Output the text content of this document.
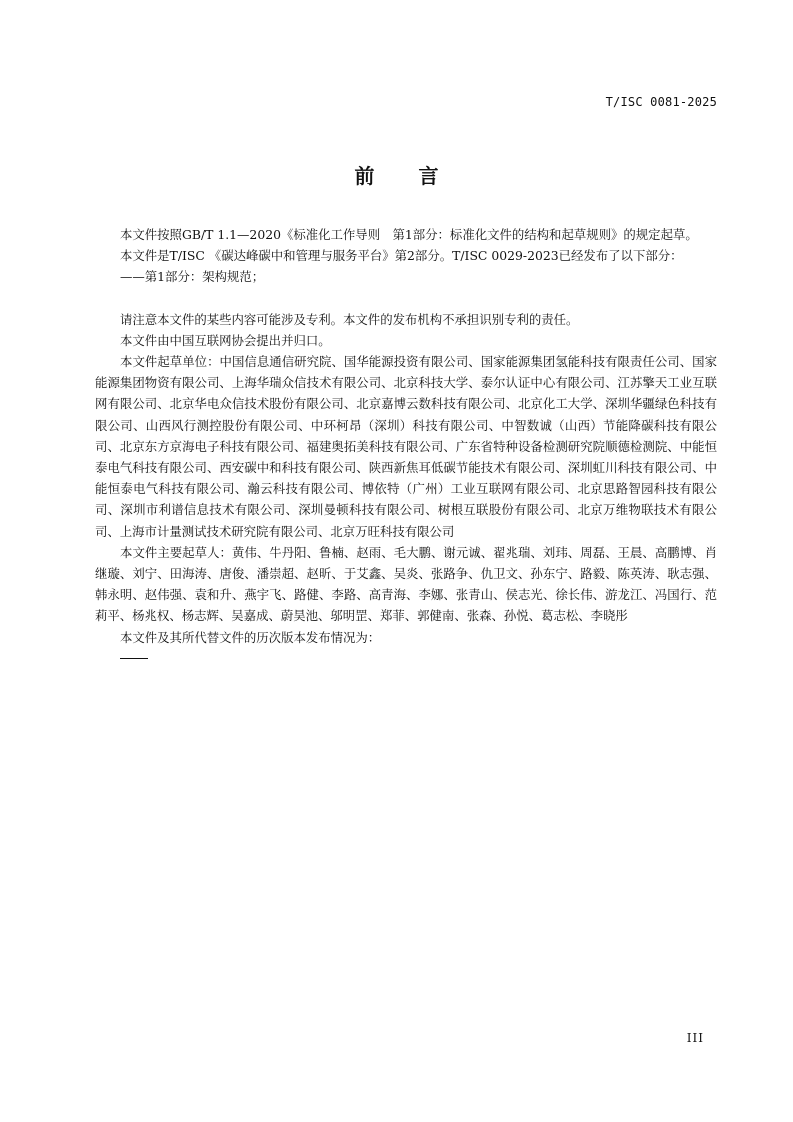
T/ISC 0081-2025
前言

本文件按照GB/T 1.1—2020《标准化工作导则　第1部分：标准化文件的结构和起草规则》的规定起草。

本文件是T/ISC 《碳达峰碳中和管理与服务平台》第2部分。T/ISC 0029-2023已经发布了以下部分：

——第1部分：架构规范；

请注意本文件的某些内容可能涉及专利。本文件的发布机构不承担识别专利的责任。

本文件由中国互联网协会提出并归口。

本文件起草单位：中国信息通信研究院、国华能源投资有限公司、国家能源集团氢能科技有限责任公司、国家能源集团物资有限公司、上海华瑞众信技术有限公司、北京科技大学、泰尔认证中心有限公司、江苏擎天工业互联网有限公司、北京华电众信技术股份有限公司、北京嘉博云数科技有限公司、北京化工大学、深圳华疆绿色科技有限公司、山西风行测控股份有限公司、中环柯昂（深圳）科技有限公司、中智数诚（山西）节能降碳科技有限公司、北京东方京海电子科技有限公司、福建奥拓美科技有限公司、广东省特种设备检测研究院顺德检测院、中能恒泰电气科技有限公司、西安碳中和科技有限公司、陕西新焦耳低碳节能技术有限公司、深圳虹川科技有限公司、中能恒泰电气科技有限公司、瀚云科技有限公司、博依特（广州）工业互联网有限公司、北京思路智园科技有限公司、深圳市利谱信息技术有限公司、深圳曼顿科技有限公司、树根互联股份有限公司、北京万维物联技术有限公司、上海市计量测试技术研究院有限公司、北京万旺科技有限公司

本文件主要起草人：黄伟、牛丹阳、鲁楠、赵雨、毛大鹏、谢元诚、翟兆瑞、刘玮、周磊、王晨、高鹏博、肖继璇、刘宁、田海涛、唐俊、潘崇超、赵昕、于艾鑫、吴炎、张路争、仇卫文、孙东宁、路毅、陈英涛、耿志强、韩永明、赵伟强、袁和升、燕宇飞、路健、李路、高青海、李娜、张青山、侯志光、徐长伟、游龙江、冯国行、范莉平、杨兆权、杨志辉、吴嘉成、蔚昊池、邬明罡、郑菲、郭健南、张森、孙悦、葛志松、李晓彤

本文件及其所代替文件的历次版本发布情况为：

III
